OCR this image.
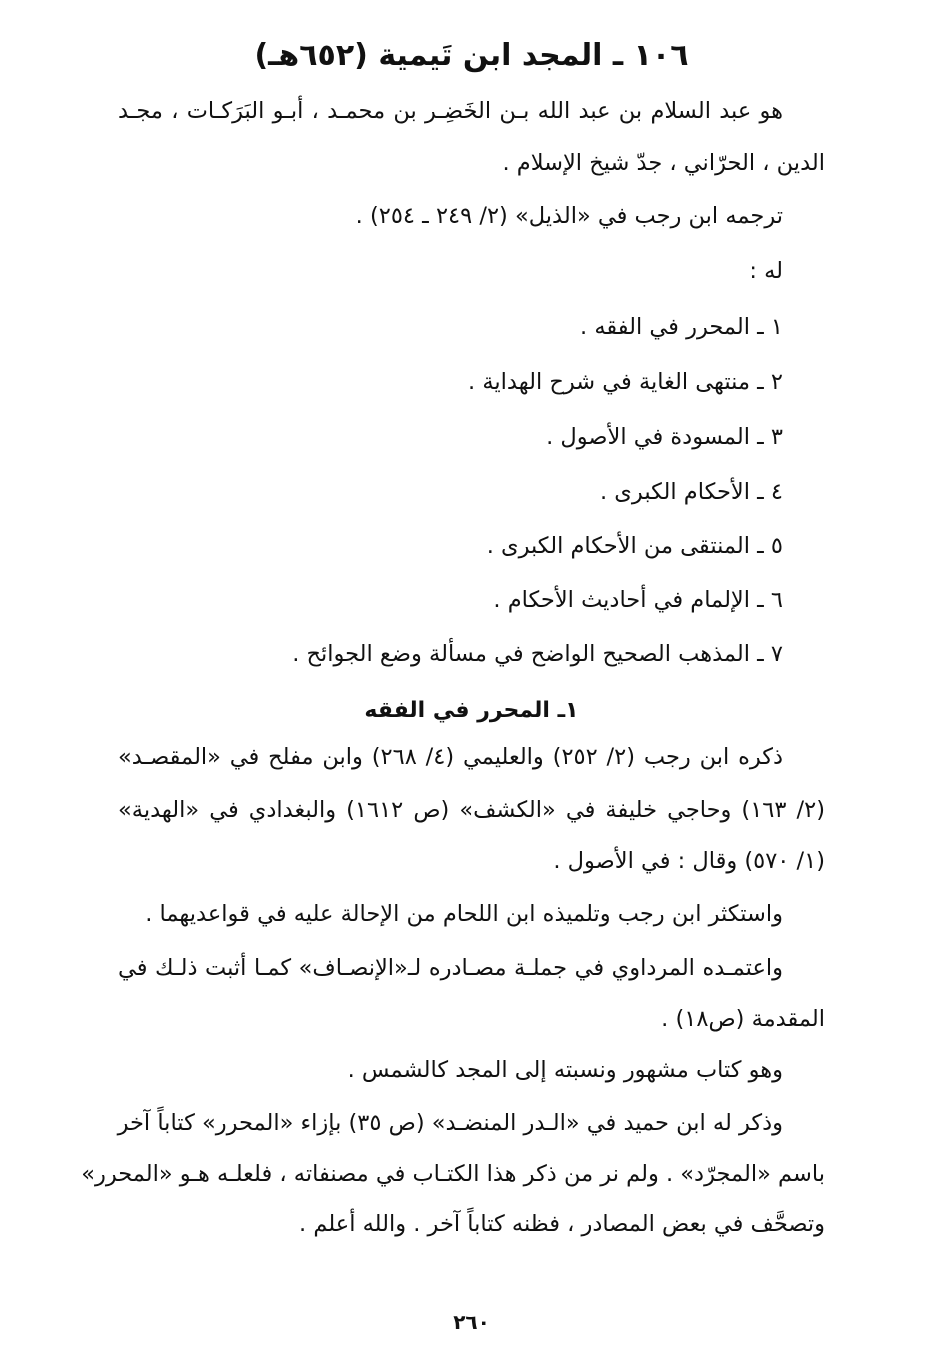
١٠٦ ـ المجد ابن تَيمية (٦٥٢هـ)
هو عبد السلام بن عبد الله بـن الخَضِـر بن محمـد ، أبـو البَرَكـات ، مجـد
الدين ، الحرّاني ، جدّ شيخ الإسلام .
ترجمه ابن رجب في «الذيل» (٢/ ٢٤٩ ـ ٢٥٤) .
له :
١ ـ المحرر في الفقه .
٢ ـ منتهى الغاية في شرح الهداية .
٣ ـ المسودة في الأصول .
٤ ـ الأحكام الكبرى .
٥ ـ المنتقى من الأحكام الكبرى .
٦ ـ الإلمام في أحاديث الأحكام .
٧ ـ المذهب الصحيح الواضح في مسألة وضع الجوائح .
١ـ المحرر في الفقه
ذكره ابن رجب (٢/ ٢٥٢) والعليمي (٤/ ٢٦٨) وابن مفلح في «المقصـد»
(٢/ ١٦٣) وحاجي خليفة في «الكشف» (ص ١٦١٢) والبغدادي في «الهدية»
(١/ ٥٧٠) وقال : في الأصول .
واستكثر ابن رجب وتلميذه ابن اللحام من الإحالة عليه في قواعديهما .
واعتمـده المرداوي في جملـة مصـادره لـ«الإنصـاف» كمـا أثبت ذلـك في
المقدمة (ص١٨) .
وهو كتاب مشهور ونسبته إلى المجد كالشمس .
وذكر له ابن حميد في «الـدر المنضـد» (ص ٣٥) بإزاء «المحرر» كتاباً آخر
باسم «المجرّد» . ولم نر من ذكر هذا الكتـاب في مصنفاته ، فلعلـه هـو «المحرر»
وتصحَّف في بعض المصادر ، فظنه كتاباً آخر . والله أعلم .
٢٦٠
